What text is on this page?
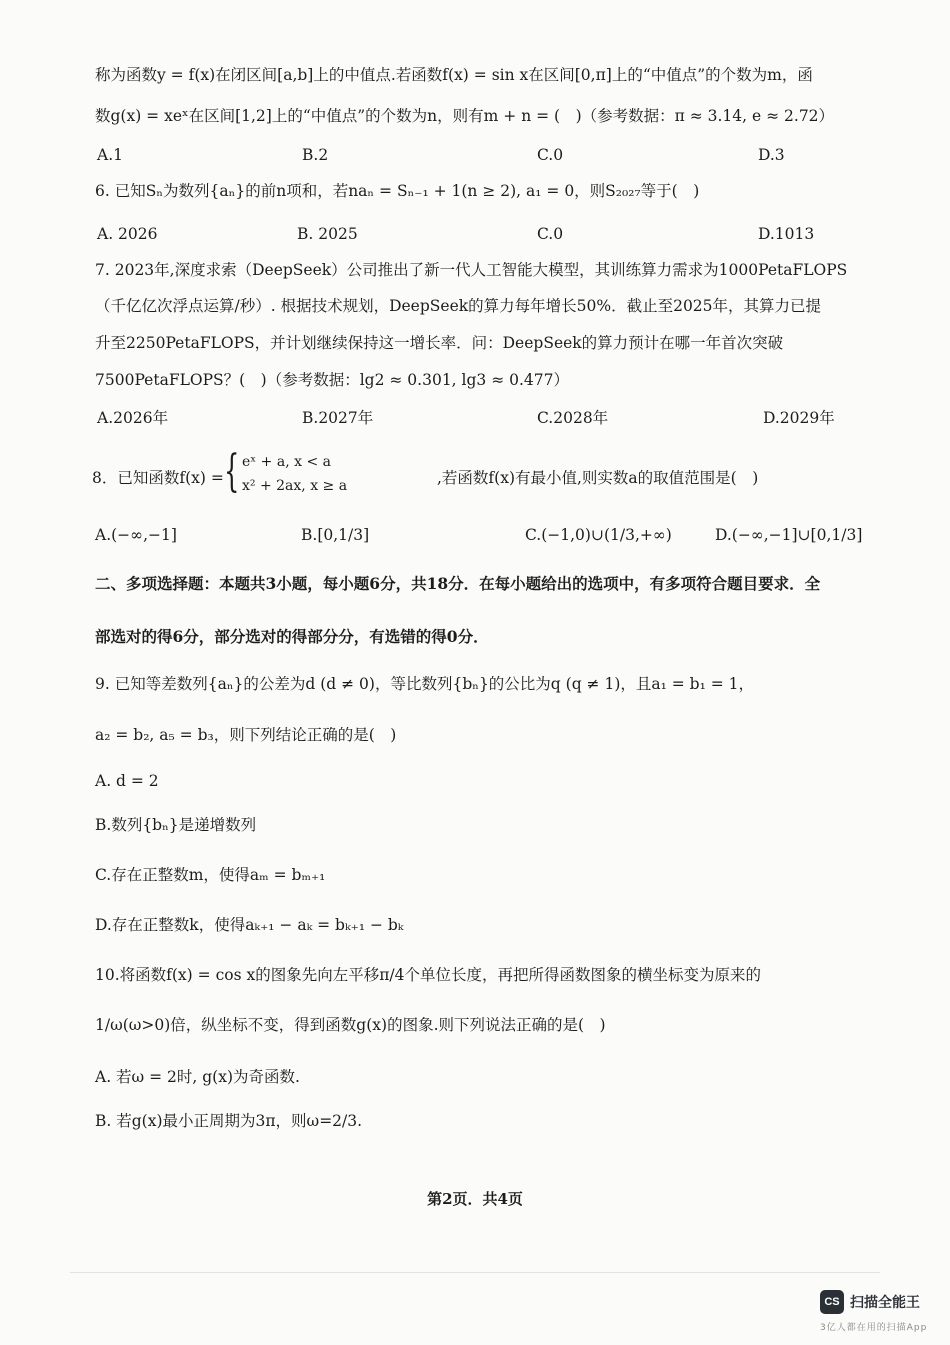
称为函数y = f(x)在闭区间[a,b]上的中值点.若函数f(x) = sin x在区间[0,π]上的“中值点”的个数为m，函
数g(x) = xeˣ在区间[1,2]上的“中值点”的个数为n，则有m + n = (　)（参考数据：π ≈ 3.14, e ≈ 2.72）
A.1	B.2	C.0	D.3
6. 已知Sₙ为数列{aₙ}的前n项和，若naₙ = Sₙ₋₁ + 1(n ≥ 2), a₁ = 0，则S₂₀₂₇等于(　)
A. 2026	B. 2025	C.0	D.1013
7. 2023年,深度求索（DeepSeek）公司推出了新一代人工智能大模型，其训练算力需求为1000PetaFLOPS
（千亿亿次浮点运算/秒）. 根据技术规划，DeepSeek的算力每年增长50%．截止至2025年，其算力已提
升至2250PetaFLOPS，并计划继续保持这一增长率．问：DeepSeek的算力预计在哪一年首次突破
7500PetaFLOPS？(　)（参考数据：lg2 ≈ 0.301, lg3 ≈ 0.477）
A.2026年	B.2027年	C.2028年	D.2029年
8．已知函数f(x) = { eˣ + a, x < a
x² + 2ax, x ≥ a	,若函数f(x)有最小值,则实数a的取值范围是(　)
A.(−∞,−1]	B.[0,1/3]	C.(−1,0)∪(1/3,+∞)	D.(−∞,−1]∪[0,1/3]
二、多项选择题：本题共3小题，每小题6分，共18分．在每小题给出的选项中，有多项符合题目要求．全
部选对的得6分，部分选对的得部分分，有选错的得0分．
9. 已知等差数列{aₙ}的公差为d (d ≠ 0)，等比数列{bₙ}的公比为q (q ≠ 1)，且a₁ = b₁ = 1，
a₂ = b₂, a₅ = b₃，则下列结论正确的是(　)
A. d = 2
B.数列{bₙ}是递增数列
C.存在正整数m，使得aₘ = bₘ₊₁
D.存在正整数k，使得aₖ₊₁ − aₖ = bₖ₊₁ − bₖ
10.将函数f(x) = cos x的图象先向左平移π/4个单位长度，再把所得函数图象的横坐标变为原来的
1/ω(ω>0)倍，纵坐标不变，得到函数g(x)的图象.则下列说法正确的是(　)
A. 若ω = 2时, g(x)为奇函数.
B. 若g(x)最小正周期为3π，则ω=2/3.
第2页．共4页
CS 扫描全能王
3亿人都在用的扫描App
